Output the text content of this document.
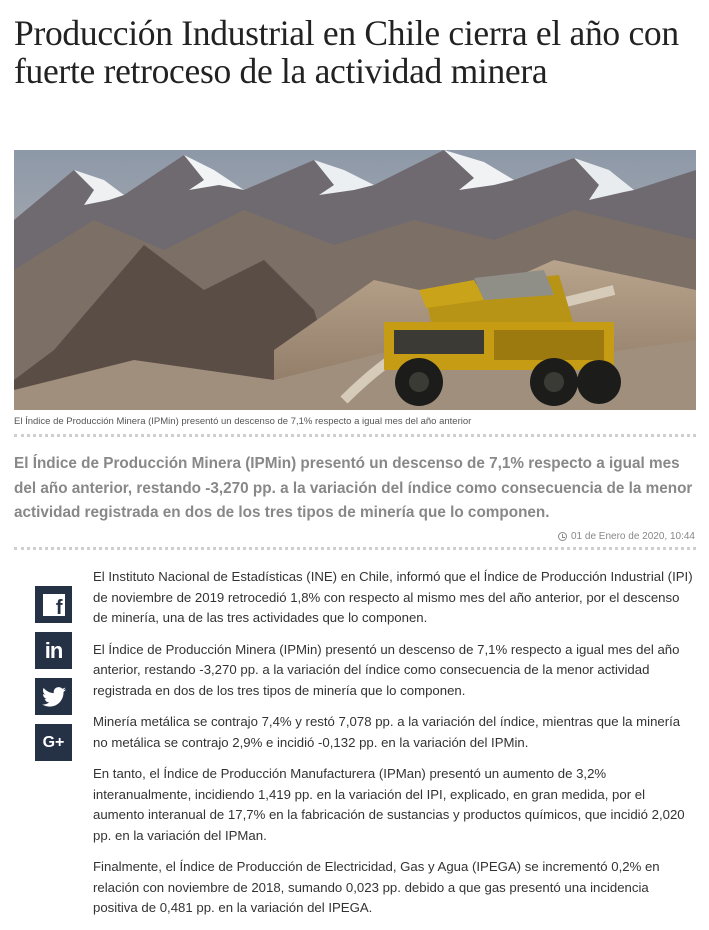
Producción Industrial en Chile cierra el año con fuerte retroceso de la actividad minera
El Índice de Producción Minera (IPMin) presentó un descenso de 7,1% respecto a igual mes del año anterior

El Índice de Producción Minera (IPMin) presentó un descenso de 7,1% respecto a igual mes del año anterior, restando -3,270 pp. a la variación del índice como consecuencia de la menor actividad registrada en dos de los tres tipos de minería que lo componen.

01 de Enero de 2020, 10:44
f
in
G+

El Instituto Nacional de Estadísticas (INE) en Chile, informó que el Índice de Producción Industrial (IPI) de noviembre de 2019 retrocedió 1,8% con respecto al mismo mes del año anterior, por el descenso de minería, una de las tres actividades que lo componen.

El Índice de Producción Minera (IPMin) presentó un descenso de 7,1% respecto a igual mes del año anterior, restando -3,270 pp. a la variación del índice como consecuencia de la menor actividad registrada en dos de los tres tipos de minería que lo componen.

Minería metálica se contrajo 7,4% y restó 7,078 pp. a la variación del índice, mientras que la minería no metálica se contrajo 2,9% e incidió -0,132 pp. en la variación del IPMin.

En tanto, el Índice de Producción Manufacturera (IPMan) presentó un aumento de 3,2% interanualmente, incidiendo 1,419 pp. en la variación del IPI, explicado, en gran medida, por el aumento interanual de 17,7% en la fabricación de sustancias y productos químicos, que incidió 2,020 pp. en la variación del IPMan.

Finalmente, el Índice de Producción de Electricidad, Gas y Agua (IPEGA) se incrementó 0,2% en relación con noviembre de 2018, sumando 0,023 pp. debido a que gas presentó una incidencia positiva de 0,481 pp. en la variación del IPEGA.
